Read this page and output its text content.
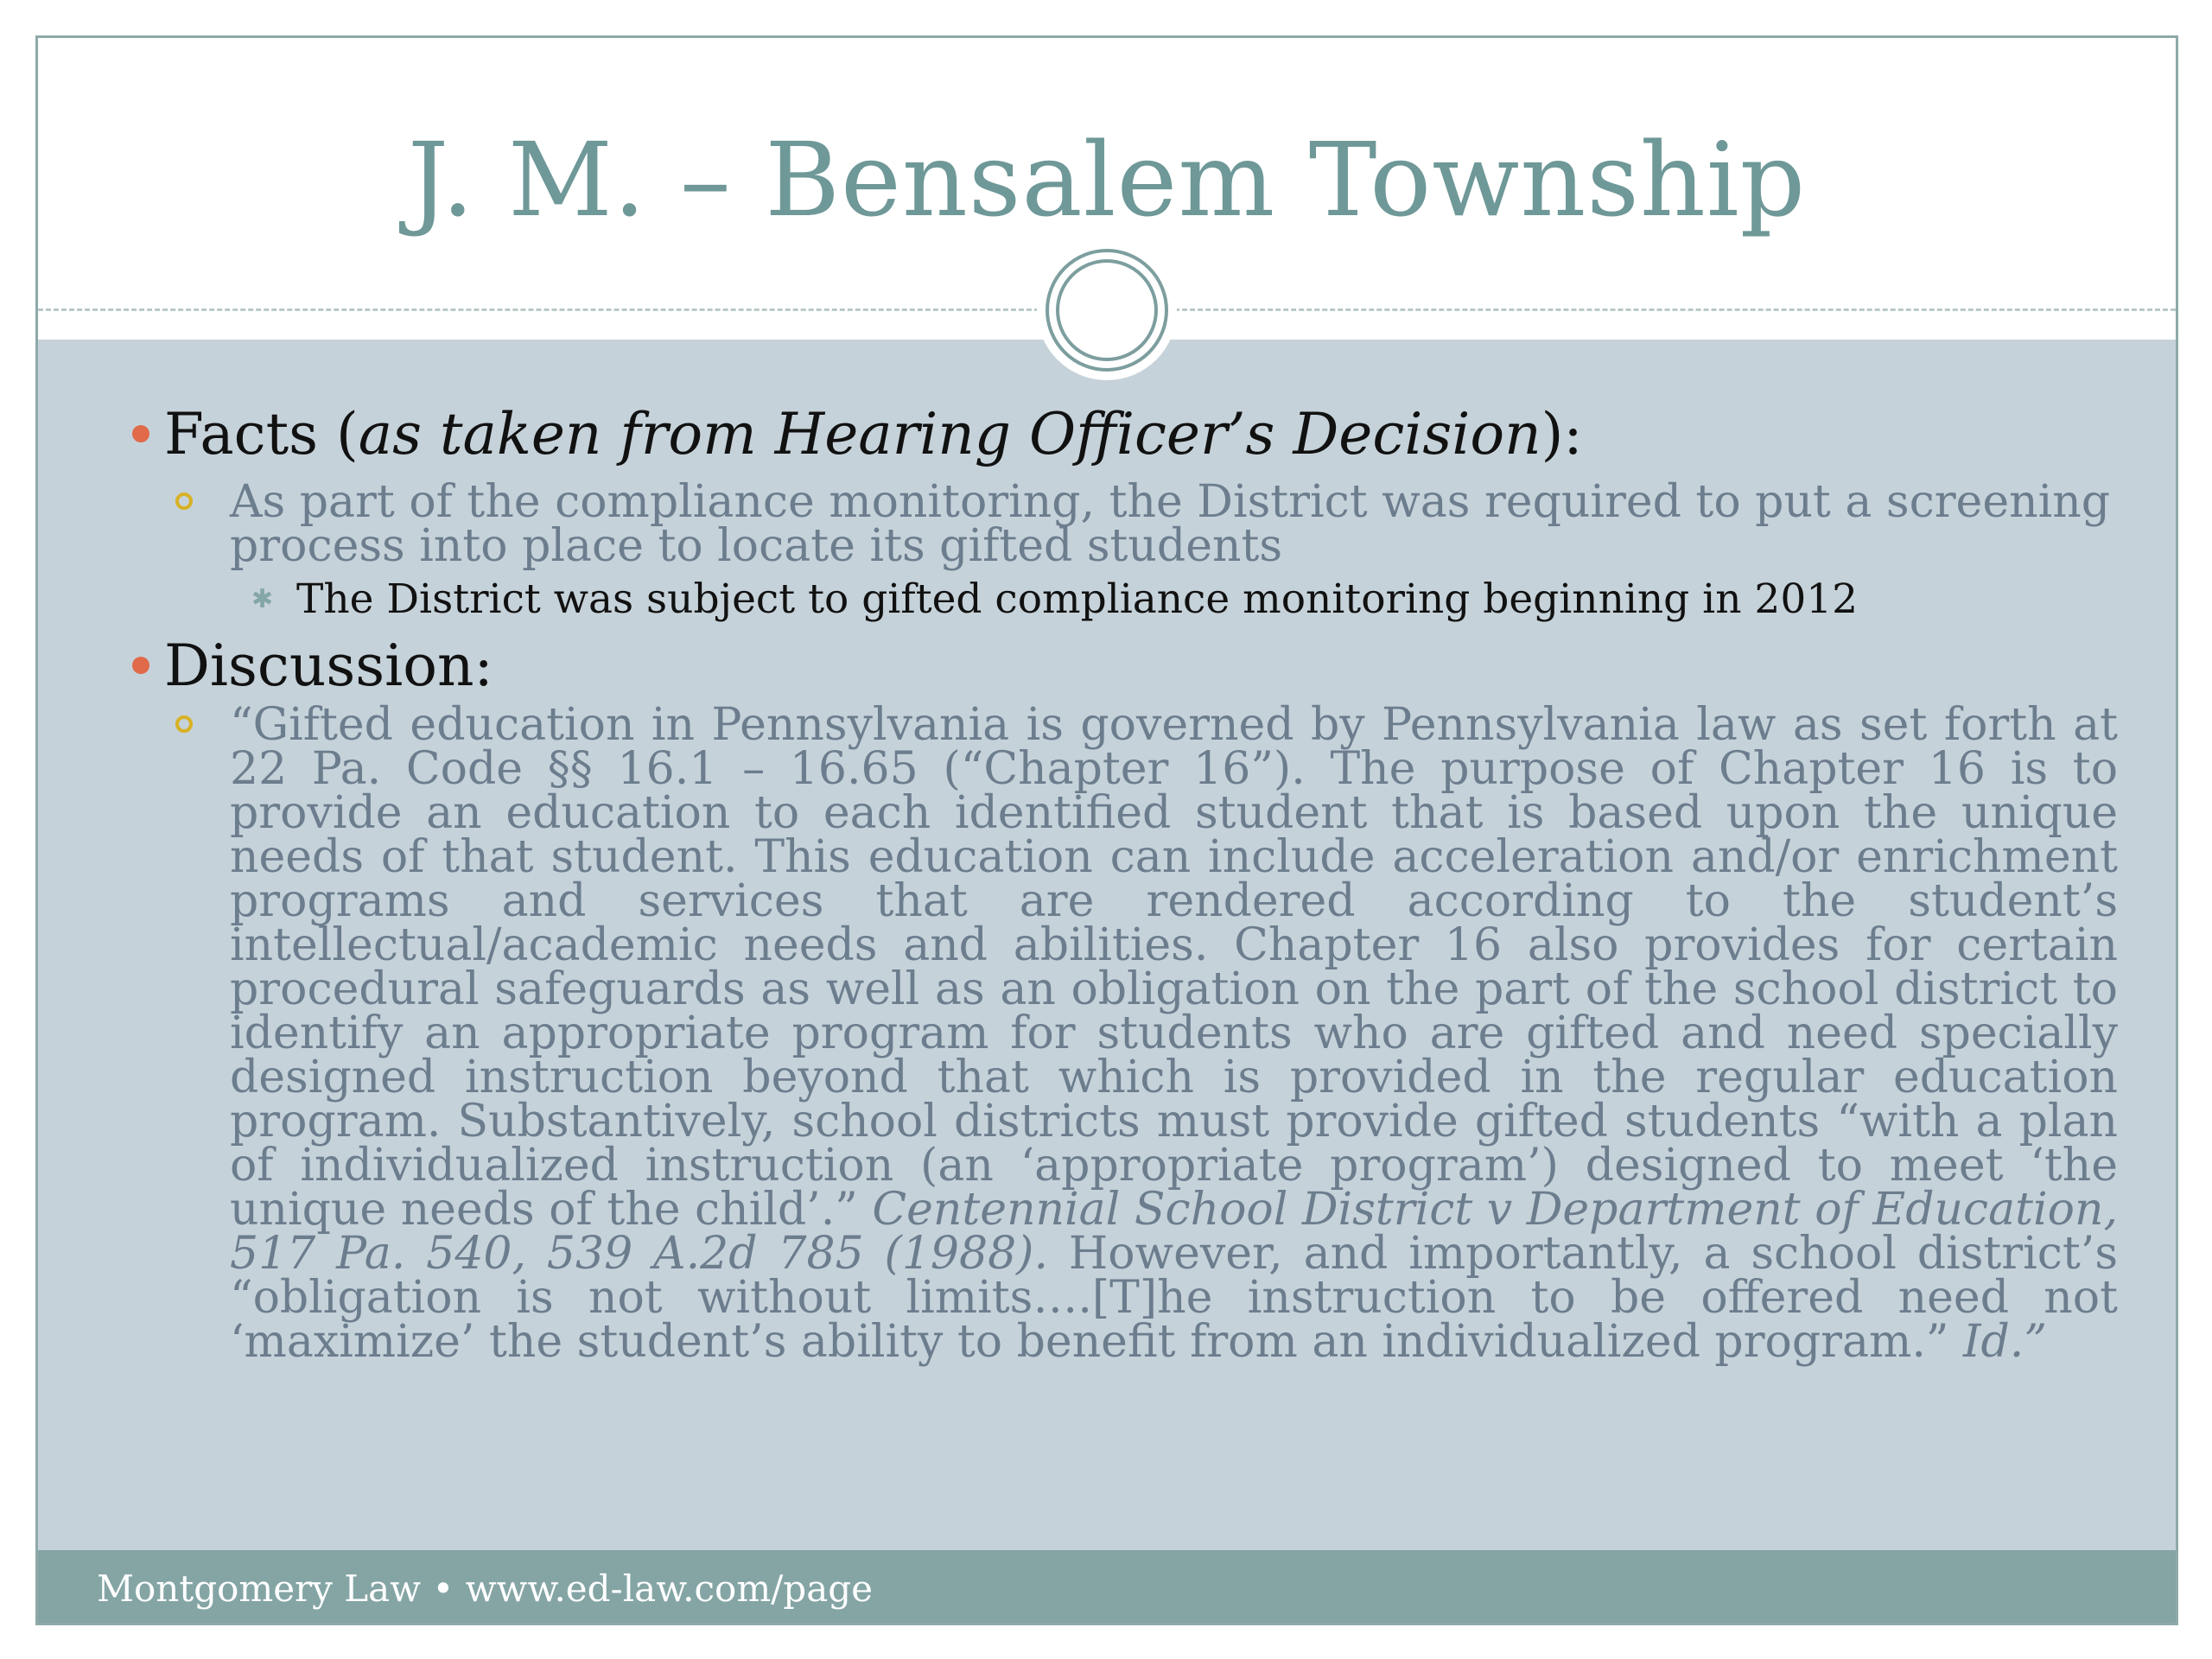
J. M. – Bensalem Township
Facts (as taken from Hearing Officer’s Decision):
As part of the compliance monitoring, the District was required to put a screening process into place to locate its gifted students
✱ The District was subject to gifted compliance monitoring beginning in 2012
Discussion:

“Gifted education in Pennsylvania is governed by Pennsylvania law as set forth at 22 Pa. Code §§ 16.1 – 16.65 (“Chapter 16”). The purpose of Chapter 16 is to provide an education to each identified student that is based upon the unique needs of that student. This education can include acceleration and/or enrichment programs and services that are rendered according to the student’s intellectual/academic needs and abilities. Chapter 16 also provides for certain procedural safeguards as well as an obligation on the part of the school district to identify an appropriate program for students who are gifted and need specially designed instruction beyond that which is provided in the regular education program. Substantively, school districts must provide gifted students “with a plan of individualized instruction (an ‘appropriate program’) designed to meet ‘the unique needs of the child’.” Centennial School District v Department of Education, 517 Pa. 540, 539 A.2d 785 (1988). However, and importantly, a school district’s “obligation is not without limits….[T]he instruction to be offered need not ‘maximize’ the student’s ability to benefit from an individualized program.” Id.”

Montgomery Law • www.ed-law.com/page
